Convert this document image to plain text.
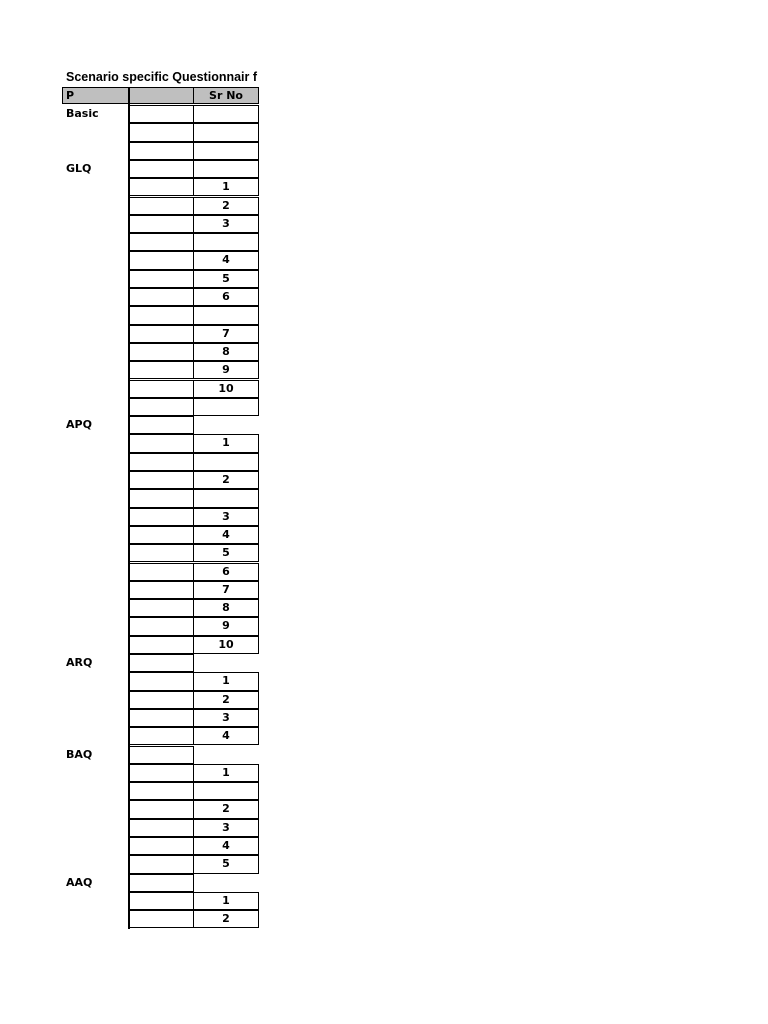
Scenario specific Questionnair f
P	Sr No
Basic
GLQ
1
2
3
4
5
6
7
8
9
10
APQ
1
2
3
4
5
6
7
8
9
10
ARQ
1
2
3
4
BAQ
1
2
3
4
5
AAQ
1
2
